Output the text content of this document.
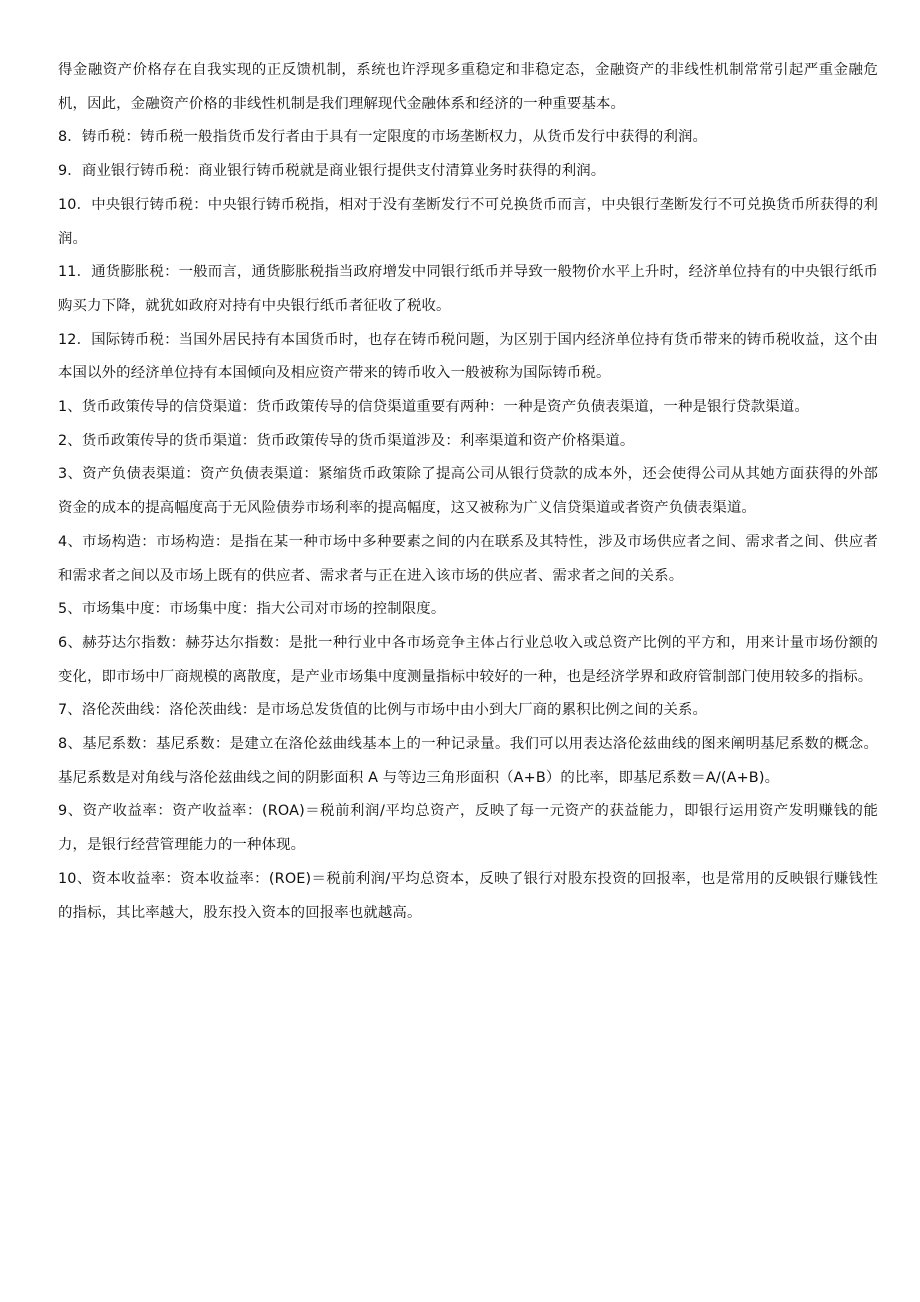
得金融资产价格存在自我实现的正反馈机制，系统也许浮现多重稳定和非稳定态，金融资产的非线性机制常常引起严重金融危机，因此，金融资产价格的非线性机制是我们理解现代金融体系和经济的一种重要基本。

8．铸币税：铸币税一般指货币发行者由于具有一定限度的市场垄断权力，从货币发行中获得的利润。

9．商业银行铸币税：商业银行铸币税就是商业银行提供支付清算业务时获得的利润。

10．中央银行铸币税：中央银行铸币税指，相对于没有垄断发行不可兑换货币而言，中央银行垄断发行不可兑换货币所获得的利润。

11．通货膨胀税：一般而言，通货膨胀税指当政府增发中同银行纸币并导致一般物价水平上升时，经济单位持有的中央银行纸币购买力下降，就犹如政府对持有中央银行纸币者征收了税收。

12．国际铸币税：当国外居民持有本国货币时，也存在铸币税问题，为区别于国内经济单位持有货币带来的铸币税收益，这个由本国以外的经济单位持有本国倾向及相应资产带来的铸币收入一般被称为国际铸币税。

1、货币政策传导的信贷渠道：货币政策传导的信贷渠道重要有两种：一种是资产负债表渠道，一种是银行贷款渠道。

2、货币政策传导的货币渠道：货币政策传导的货币渠道涉及：利率渠道和资产价格渠道。

3、资产负债表渠道：资产负债表渠道：紧缩货币政策除了提高公司从银行贷款的成本外，还会使得公司从其她方面获得的外部资金的成本的提高幅度高于无风险债券市场利率的提高幅度，这又被称为广义信贷渠道或者资产负债表渠道。

4、市场构造：市场构造：是指在某一种市场中多种要素之间的内在联系及其特性，涉及市场供应者之间、需求者之间、供应者和需求者之间以及市场上既有的供应者、需求者与正在进入该市场的供应者、需求者之间的关系。

5、市场集中度：市场集中度：指大公司对市场的控制限度。

6、赫芬达尔指数：赫芬达尔指数：是批一种行业中各市场竞争主体占行业总收入或总资产比例的平方和，用来计量市场份额的变化，即市场中厂商规模的离散度，是产业市场集中度测量指标中较好的一种，也是经济学界和政府管制部门使用较多的指标。

7、洛伦茨曲线：洛伦茨曲线：是市场总发货值的比例与市场中由小到大厂商的累积比例之间的关系。

8、基尼系数：基尼系数：是建立在洛伦兹曲线基本上的一种记录量。我们可以用表达洛伦兹曲线的图来阐明基尼系数的概念。基尼系数是对角线与洛伦兹曲线之间的阴影面积 A 与等边三角形面积（A+B）的比率，即基尼系数＝A/(A+B)。

9、资产收益率：资产收益率：(ROA)＝税前利润/平均总资产，反映了每一元资产的获益能力，即银行运用资产发明赚钱的能力，是银行经营管理能力的一种体现。

10、资本收益率：资本收益率：(ROE)＝税前利润/平均总资本，反映了银行对股东投资的回报率，也是常用的反映银行赚钱性的指标，其比率越大，股东投入资本的回报率也就越高。
